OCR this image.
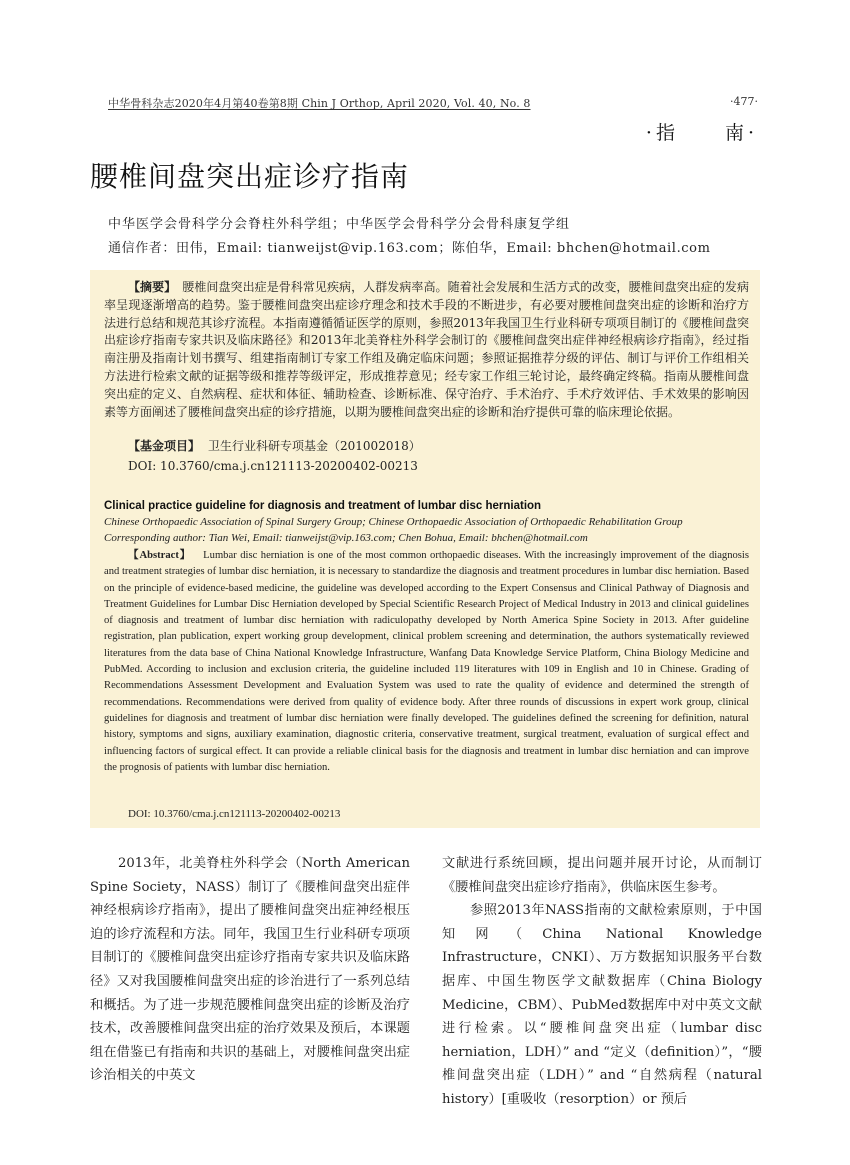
中华骨科杂志2020年4月第40卷第8期 Chin J Orthop, April 2020, Vol. 40, No. 8	·477·
·指　　南·
腰椎间盘突出症诊疗指南
中华医学会骨科学分会脊柱外科学组；中华医学会骨科学分会骨科康复学组
通信作者：田伟，Email: tianweijst@vip.163.com；陈伯华，Email: bhchen@hotmail.com
【摘要】 腰椎间盘突出症是骨科常见疾病，人群发病率高。随着社会发展和生活方式的改变，腰椎间盘突出症的发病率呈现逐渐增高的趋势。鉴于腰椎间盘突出症诊疗理念和技术手段的不断进步，有必要对腰椎间盘突出症的诊断和治疗方法进行总结和规范其诊疗流程。本指南遵循循证医学的原则，参照2013年我国卫生行业科研专项项目制订的《腰椎间盘突出症诊疗指南专家共识及临床路径》和2013年北美脊柱外科学会制订的《腰椎间盘突出症伴神经根病诊疗指南》，经过指南注册及指南计划书撰写、组建指南制订专家工作组及确定临床问题；参照证据推荐分级的评估、制订与评价工作组相关方法进行检索文献的证据等级和推荐等级评定，形成推荐意见；经专家工作组三轮讨论，最终确定终稿。指南从腰椎间盘突出症的定义、自然病程、症状和体征、辅助检查、诊断标准、保守治疗、手术治疗、手术疗效评估、手术效果的影响因素等方面阐述了腰椎间盘突出症的诊疗措施，以期为腰椎间盘突出症的诊断和治疗提供可靠的临床理论依据。
【基金项目】 卫生行业科研专项基金（201002018）
DOI: 10.3760/cma.j.cn121113-20200402-00213
Clinical practice guideline for diagnosis and treatment of lumbar disc herniation
Chinese Orthopaedic Association of Spinal Surgery Group; Chinese Orthopaedic Association of Orthopaedic Rehabilitation Group
Corresponding author: Tian Wei, Email: tianweijst@vip.163.com; Chen Bohua, Email: bhchen@hotmail.com
【Abstract】 Lumbar disc herniation is one of the most common orthopaedic diseases. With the increasingly improvement of the diagnosis and treatment strategies of lumbar disc herniation, it is necessary to standardize the diagnosis and treatment procedures in lumbar disc herniation. Based on the principle of evidence-based medicine, the guideline was developed according to the Expert Consensus and Clinical Pathway of Diagnosis and Treatment Guidelines for Lumbar Disc Herniation developed by Special Scientific Research Project of Medical Industry in 2013 and clinical guidelines of diagnosis and treatment of lumbar disc herniation with radiculopathy developed by North America Spine Society in 2013. After guideline registration, plan publication, expert working group development, clinical problem screening and determination, the authors systematically reviewed literatures from the data base of China National Knowledge Infrastructure, Wanfang Data Knowledge Service Platform, China Biology Medicine and PubMed. According to inclusion and exclusion criteria, the guideline included 119 literatures with 109 in English and 10 in Chinese. Grading of Recommendations Assessment Development and Evaluation System was used to rate the quality of evidence and determined the strength of recommendations. Recommendations were derived from quality of evidence body. After three rounds of discussions in expert work group, clinical guidelines for diagnosis and treatment of lumbar disc herniation were finally developed. The guidelines defined the screening for definition, natural history, symptoms and signs, auxiliary examination, diagnostic criteria, conservative treatment, surgical treatment, evaluation of surgical effect and influencing factors of surgical effect. It can provide a reliable clinical basis for the diagnosis and treatment in lumbar disc herniation and can improve the prognosis of patients with lumbar disc herniation.
DOI: 10.3760/cma.j.cn121113-20200402-00213
2013年，北美脊柱外科学会（North American Spine Society，NASS）制订了《腰椎间盘突出症伴神经根病诊疗指南》，提出了腰椎间盘突出症神经根压迫的诊疗流程和方法。同年，我国卫生行业科研专项项目制订的《腰椎间盘突出症诊疗指南专家共识及临床路径》又对我国腰椎间盘突出症的诊治进行了一系列总结和概括。为了进一步规范腰椎间盘突出症的诊断及治疗技术，改善腰椎间盘突出症的治疗效果及预后，本课题组在借鉴已有指南和共识的基础上，对腰椎间盘突出症诊治相关的中英文

文献进行系统回顾，提出问题并展开讨论，从而制订《腰椎间盘突出症诊疗指南》，供临床医生参考。

参照2013年NASS指南的文献检索原则，于中国知网（China National Knowledge Infrastructure，CNKI）、万方数据知识服务平台数据库、中国生物医学文献数据库（China Biology Medicine，CBM）、PubMed数据库中对中英文文献进行检索。以“腰椎间盘突出症（lumbar disc herniation，LDH）” and “定义（definition）”，“腰椎间盘突出症（LDH）” and “自然病程（natural history）[重吸收（resorption）or 预后
